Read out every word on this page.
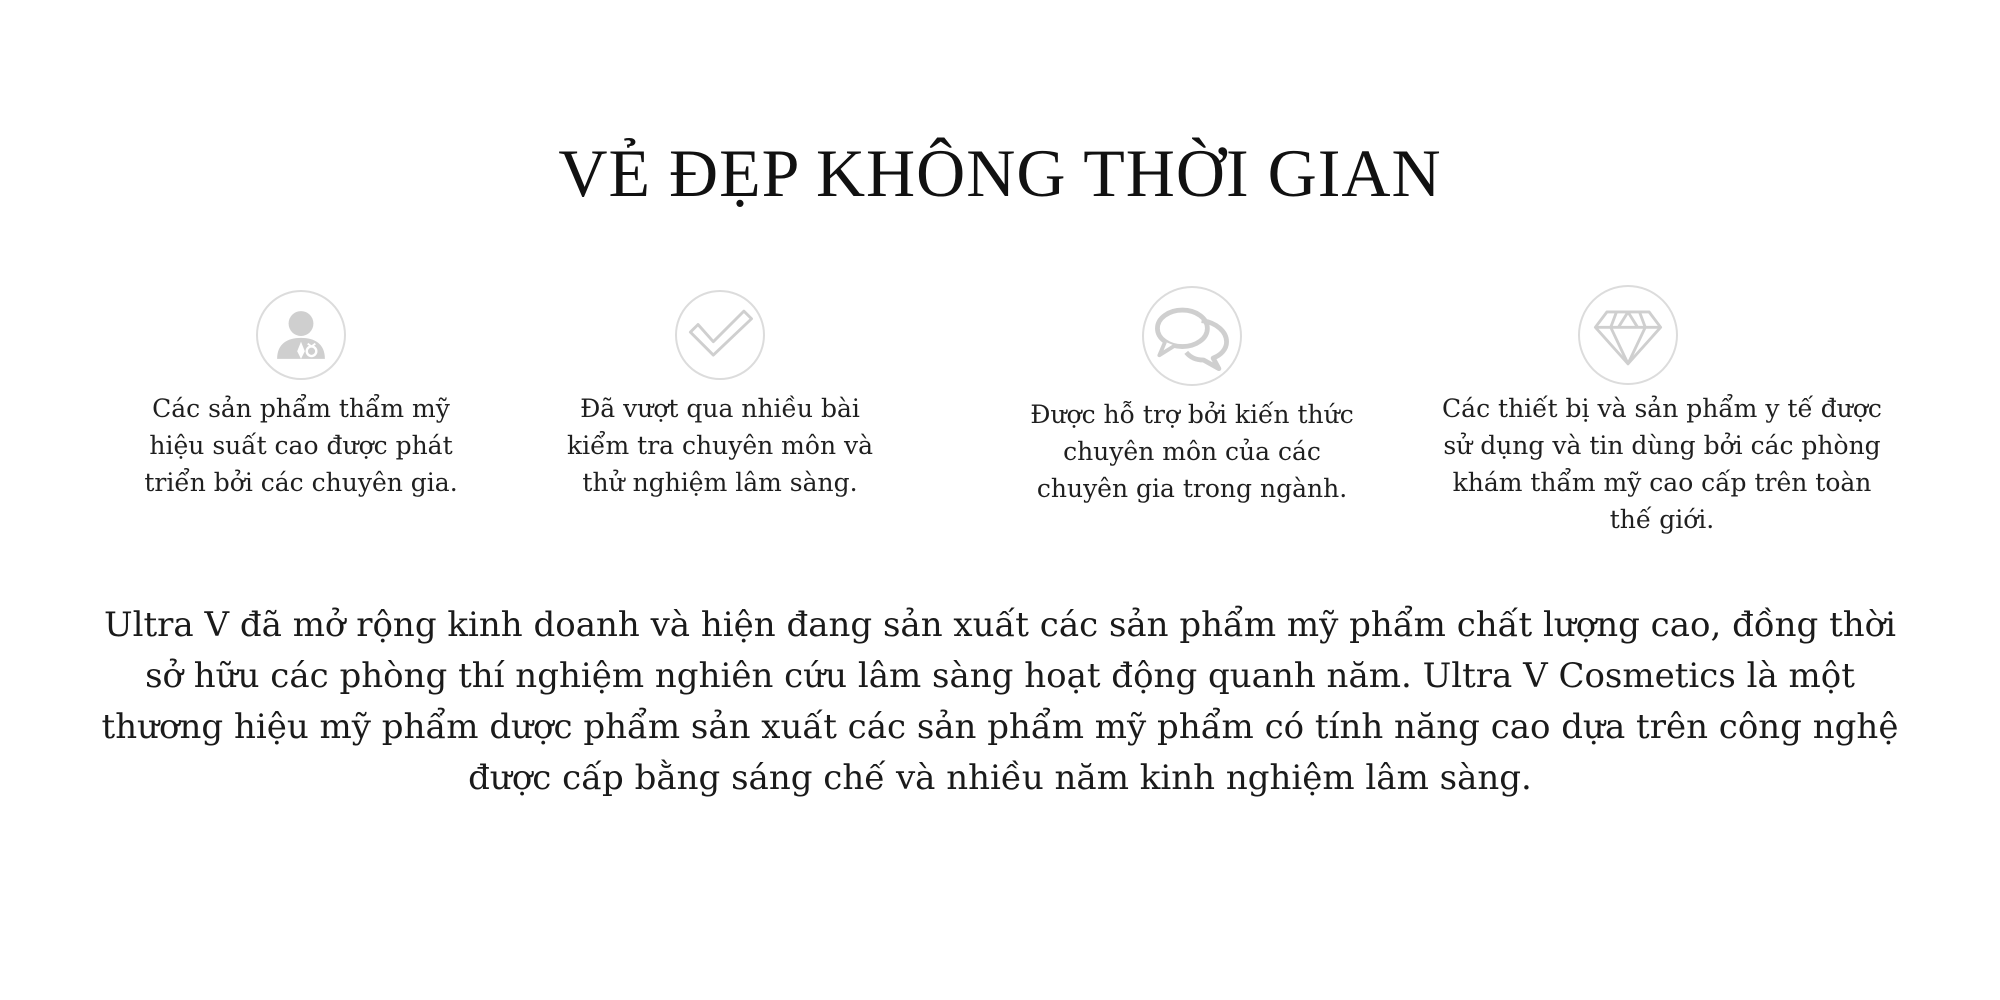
VẺ ĐẸP KHÔNG THỜI GIAN

Các sản phẩm thẩm mỹ hiệu suất cao được phát triển bởi các chuyên gia.

Đã vượt qua nhiều bài kiểm tra chuyên môn và thử nghiệm lâm sàng.

Được hỗ trợ bởi kiến thức chuyên môn của các chuyên gia trong ngành.

Các thiết bị và sản phẩm y tế được sử dụng và tin dùng bởi các phòng khám thẩm mỹ cao cấp trên toàn thế giới.

Ultra V đã mở rộng kinh doanh và hiện đang sản xuất các sản phẩm mỹ phẩm chất lượng cao, đồng thời sở hữu các phòng thí nghiệm nghiên cứu lâm sàng hoạt động quanh năm. Ultra V Cosmetics là một thương hiệu mỹ phẩm dược phẩm sản xuất các sản phẩm mỹ phẩm có tính năng cao dựa trên công nghệ được cấp bằng sáng chế và nhiều năm kinh nghiệm lâm sàng.
